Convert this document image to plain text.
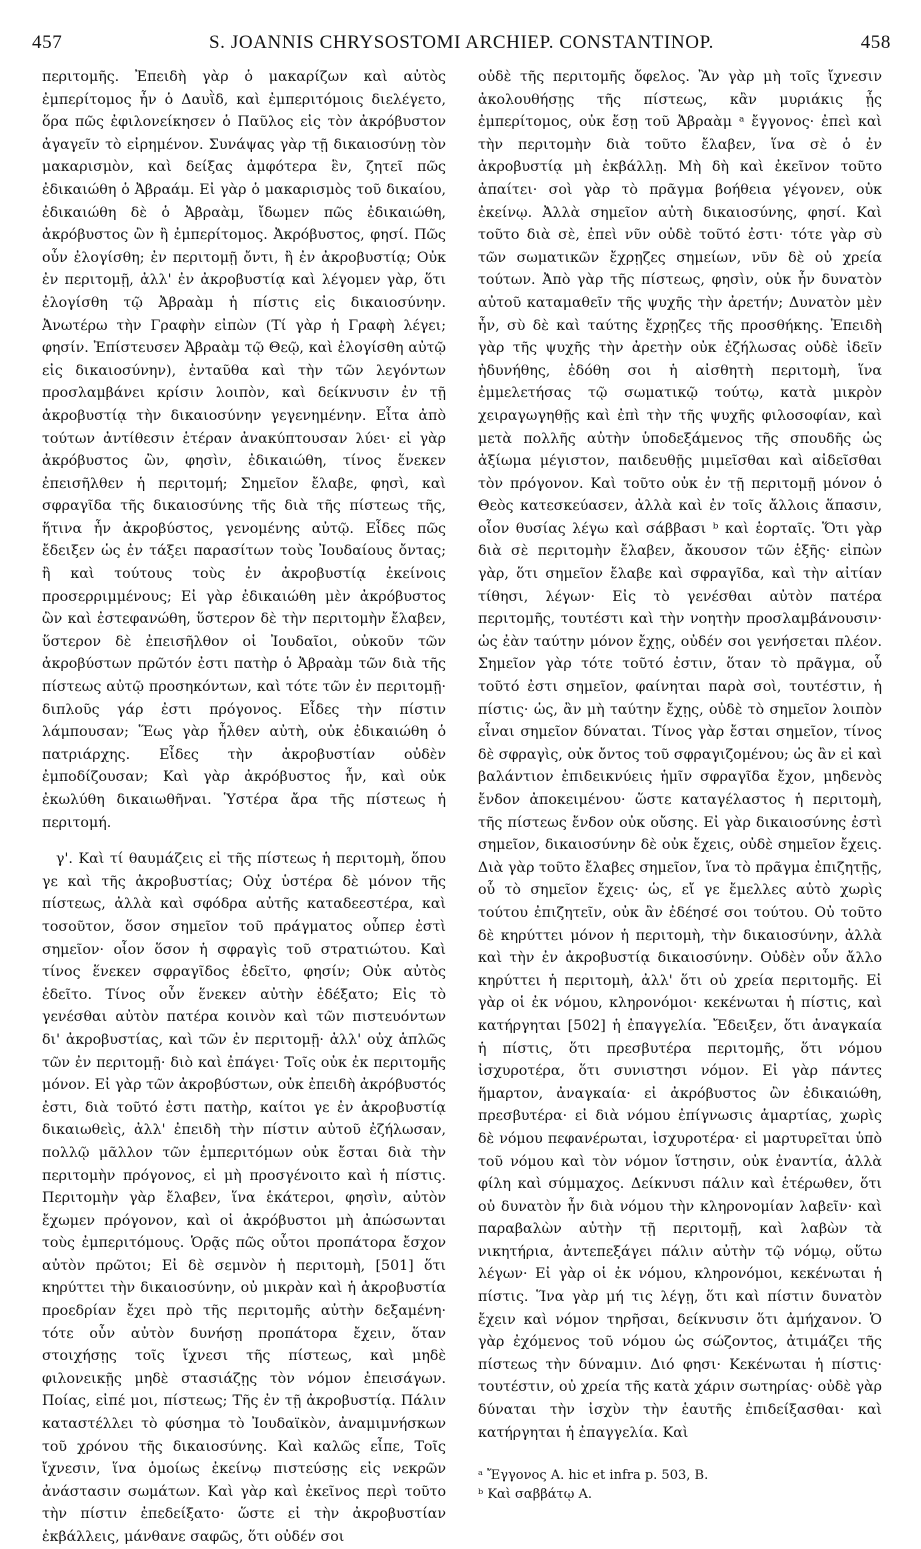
457	S. JOANNIS CHRYSOSTOMI ARCHIEP. CONSTANTINOP.	458

περιτομῆς. Ἐπειδὴ γὰρ ὁ μακαρίζων καὶ αὐτὸς ἐμπερίτομος ἦν ὁ Δαυῒδ, καὶ ἐμπεριτόμοις διελέγετο, ὅρα πῶς ἐφιλονείκησεν ὁ Παῦλος εἰς τὸν ἀκρόβυστον ἀγαγεῖν τὸ εἰρημένον. Συνάψας γὰρ τῇ δικαιοσύνῃ τὸν μακαρισμὸν, καὶ δείξας ἀμφότερα ἓν, ζητεῖ πῶς ἐδικαιώθη ὁ Ἀβραάμ. Εἰ γὰρ ὁ μακαρισμὸς τοῦ δικαίου, ἐδικαιώθη δὲ ὁ Ἀβραὰμ, ἴδωμεν πῶς ἐδικαιώθη, ἀκρόβυστος ὢν ἢ ἐμπερίτομος. Ἀκρόβυστος, φησί. Πῶς οὖν ἐλογίσθη; ἐν περιτομῇ ὄντι, ἢ ἐν ἀκροβυστίᾳ; Οὐκ ἐν περιτομῇ, ἀλλ' ἐν ἀκροβυστίᾳ καὶ λέγομεν γὰρ, ὅτι ἐλογίσθη τῷ Ἀβραὰμ ἡ πίστις εἰς δικαιοσύνην. Ἀνωτέρω τὴν Γραφὴν εἰπὼν (Τί γὰρ ἡ Γραφὴ λέγει; φησίν. Ἐπίστευσεν Ἀβραὰμ τῷ Θεῷ, καὶ ἐλογίσθη αὐτῷ εἰς δικαιοσύνην), ἐνταῦθα καὶ τὴν τῶν λεγόντων προσλαμβάνει κρίσιν λοιπὸν, καὶ δείκνυσιν ἐν τῇ ἀκροβυστίᾳ τὴν δικαιοσύνην γεγενημένην. Εἶτα ἀπὸ τούτων ἀντίθεσιν ἑτέραν ἀνακύπτουσαν λύει· εἰ γὰρ ἀκρόβυστος ὢν, φησὶν, ἐδικαιώθη, τίνος ἕνεκεν ἐπεισῆλθεν ἡ περιτομή; Σημεῖον ἔλαβε, φησὶ, καὶ σφραγῖδα τῆς δικαιοσύνης τῆς διὰ τῆς πίστεως τῆς, ἥτινα ἦν ἀκροβύστος, γενομένης αὐτῷ. Εἶδες πῶς ἔδειξεν ὡς ἐν τάξει παρασίτων τοὺς Ἰουδαίους ὄντας; ἢ καὶ τούτους τοὺς ἐν ἀκροβυστίᾳ ἐκείνοις προσερριμμένους; Εἰ γὰρ ἐδικαιώθη μὲν ἀκρόβυστος ὢν καὶ ἐστεφανώθη, ὕστερον δὲ τὴν περιτομὴν ἔλαβεν, ὕστερον δὲ ἐπεισῆλθον οἱ Ἰουδαῖοι, οὐκοῦν τῶν ἀκροβύστων πρῶτόν ἐστι πατὴρ ὁ Ἀβραὰμ τῶν διὰ τῆς πίστεως αὐτῷ προσηκόντων, καὶ τότε τῶν ἐν περιτομῇ· διπλοῦς γάρ ἐστι πρόγονος. Εἶδες τὴν πίστιν λάμπουσαν; Ἕως γὰρ ἦλθεν αὐτὴ, οὐκ ἐδικαιώθη ὁ πατριάρχης. Εἶδες τὴν ἀκροβυστίαν οὐδὲν ἐμποδίζουσαν; Καὶ γὰρ ἀκρόβυστος ἦν, καὶ οὐκ ἐκωλύθη δικαιωθῆναι. Ὑστέρα ἄρα τῆς πίστεως ἡ περιτομή.

γ'. Καὶ τί θαυμάζεις εἰ τῆς πίστεως ἡ περιτομὴ, ὅπου γε καὶ τῆς ἀκροβυστίας; Οὐχ ὑστέρα δὲ μόνον τῆς πίστεως, ἀλλὰ καὶ σφόδρα αὐτῆς καταδεεστέρα, καὶ τοσοῦτον, ὅσον σημεῖον τοῦ πράγματος οὗπερ ἐστὶ σημεῖον· οἷον ὅσον ἡ σφραγὶς τοῦ στρατιώτου. Καὶ τίνος ἕνεκεν σφραγῖδος ἐδεῖτο, φησίν; Οὐκ αὐτὸς ἐδεῖτο. Τίνος οὖν ἕνεκεν αὐτὴν ἐδέξατο; Εἰς τὸ γενέσθαι αὐτὸν πατέρα κοινὸν καὶ τῶν πιστευόντων δι' ἀκροβυστίας, καὶ τῶν ἐν περιτομῇ· ἀλλ' οὐχ ἁπλῶς τῶν ἐν περιτομῇ· διὸ καὶ ἐπάγει· Τοῖς οὐκ ἐκ περιτομῆς μόνον. Εἰ γὰρ τῶν ἀκροβύστων, οὐκ ἐπειδὴ ἀκρόβυστός ἐστι, διὰ τοῦτό ἐστι πατὴρ, καίτοι γε ἐν ἀκροβυστίᾳ δικαιωθεὶς, ἀλλ' ἐπειδὴ τὴν πίστιν αὐτοῦ ἐζήλωσαν, πολλῷ μᾶλλον τῶν ἐμπεριτόμων οὐκ ἔσται διὰ τὴν περιτομὴν πρόγονος, εἰ μὴ προσγένοιτο καὶ ἡ πίστις. Περιτομὴν γὰρ ἔλαβεν, ἵνα ἑκάτεροι, φησὶν, αὐτὸν ἔχωμεν πρόγονον, καὶ οἱ ἀκρόβυστοι μὴ ἀπώσωνται τοὺς ἐμπεριτόμους. Ὁρᾷς πῶς οὗτοι προπάτορα ἔσχον αὐτὸν πρῶτοι; Εἰ δὲ σεμνὸν ἡ περιτομὴ, [501] ὅτι κηρύττει τὴν δικαιοσύνην, οὐ μικρὰν καὶ ἡ ἀκροβυστία προεδρίαν ἔχει πρὸ τῆς περιτομῆς αὐτὴν δεξαμένη· τότε οὖν αὐτὸν δυνήσῃ προπάτορα ἔχειν, ὅταν στοιχήσῃς τοῖς ἴχνεσι τῆς πίστεως, καὶ μηδὲ φιλονεικῇς μηδὲ στασιάζῃς τὸν νόμον ἐπεισάγων. Ποίας, εἰπέ μοι, πίστεως; Τῆς ἐν τῇ ἀκροβυστίᾳ. Πάλιν καταστέλλει τὸ φύσημα τὸ Ἰουδαϊκὸν, ἀναμιμνήσκων τοῦ χρόνου τῆς δικαιοσύνης. Καὶ καλῶς εἶπε, Τοῖς ἴχνεσιν, ἵνα ὁμοίως ἐκείνῳ πιστεύσῃς εἰς νεκρῶν ἀνάστασιν σωμάτων. Καὶ γὰρ καὶ ἐκεῖνος περὶ τοῦτο τὴν πίστιν ἐπεδείξατο· ὥστε εἰ τὴν ἀκροβυστίαν ἐκβάλλεις, μάνθανε σαφῶς, ὅτι οὐδέν σοι

οὐδὲ τῆς περιτομῆς ὄφελος. Ἂν γὰρ μὴ τοῖς ἴχνεσιν ἀκολουθήσῃς τῆς πίστεως, κἂν μυριάκις ᾖς ἐμπερίτομος, οὐκ ἔσῃ τοῦ Ἀβραὰμ ᵃ ἔγγονος· ἐπεὶ καὶ τὴν περιτομὴν διὰ τοῦτο ἔλαβεν, ἵνα σὲ ὁ ἐν ἀκροβυστίᾳ μὴ ἐκβάλλῃ. Μὴ δὴ καὶ ἐκεῖνον τοῦτο ἀπαίτει· σοὶ γὰρ τὸ πρᾶγμα βοήθεια γέγονεν, οὐκ ἐκείνῳ. Ἀλλὰ σημεῖον αὐτὴ δικαιοσύνης, φησί. Καὶ τοῦτο διὰ σὲ, ἐπεὶ νῦν οὐδὲ τοῦτό ἐστι· τότε γὰρ σὺ τῶν σωματικῶν ἔχρῃζες σημείων, νῦν δὲ οὐ χρεία τούτων. Ἀπὸ γὰρ τῆς πίστεως, φησὶν, οὐκ ἦν δυνατὸν αὐτοῦ καταμαθεῖν τῆς ψυχῆς τὴν ἀρετήν; Δυνατὸν μὲν ἦν, σὺ δὲ καὶ ταύτης ἔχρῃζες τῆς προσθήκης. Ἐπειδὴ γὰρ τῆς ψυχῆς τὴν ἀρετὴν οὐκ ἐζήλωσας οὐδὲ ἰδεῖν ἠδυνήθης, ἐδόθη σοι ἡ αἰσθητὴ περιτομὴ, ἵνα ἐμμελετήσας τῷ σωματικῷ τούτῳ, κατὰ μικρὸν χειραγωγηθῇς καὶ ἐπὶ τὴν τῆς ψυχῆς φιλοσοφίαν, καὶ μετὰ πολλῆς αὐτὴν ὑποδεξάμενος τῆς σπουδῆς ὡς ἀξίωμα μέγιστον, παιδευθῇς μιμεῖσθαι καὶ αἰδεῖσθαι τὸν πρόγονον. Καὶ τοῦτο οὐκ ἐν τῇ περιτομῇ μόνον ὁ Θεὸς κατεσκεύασεν, ἀλλὰ καὶ ἐν τοῖς ἄλλοις ἅπασιν, οἷον θυσίας λέγω καὶ σάββασι ᵇ καὶ ἑορταῖς. Ὅτι γὰρ διὰ σὲ περιτομὴν ἔλαβεν, ἄκουσον τῶν ἑξῆς· εἰπὼν γὰρ, ὅτι σημεῖον ἔλαβε καὶ σφραγῖδα, καὶ τὴν αἰτίαν τίθησι, λέγων· Εἰς τὸ γενέσθαι αὐτὸν πατέρα περιτομῆς, τουτέστι καὶ τὴν νοητὴν προσλαμβάνουσιν· ὡς ἐὰν ταύτην μόνον ἔχῃς, οὐδέν σοι γενήσεται πλέον. Σημεῖον γὰρ τότε τοῦτό ἐστιν, ὅταν τὸ πρᾶγμα, οὗ τοῦτό ἐστι σημεῖον, φαίνηται παρὰ σοὶ, τουτέστιν, ἡ πίστις· ὡς, ἂν μὴ ταύτην ἔχῃς, οὐδὲ τὸ σημεῖον λοιπὸν εἶναι σημεῖον δύναται. Τίνος γὰρ ἔσται σημεῖον, τίνος δὲ σφραγὶς, οὐκ ὄντος τοῦ σφραγιζομένου; ὡς ἂν εἰ καὶ βαλάντιον ἐπιδεικνύεις ἡμῖν σφραγῖδα ἔχον, μηδενὸς ἔνδον ἀποκειμένου· ὥστε καταγέλαστος ἡ περιτομὴ, τῆς πίστεως ἔνδον οὐκ οὔσης. Εἰ γὰρ δικαιοσύνης ἐστὶ σημεῖον, δικαιοσύνην δὲ οὐκ ἔχεις, οὐδὲ σημεῖον ἔχεις. Διὰ γὰρ τοῦτο ἔλαβες σημεῖον, ἵνα τὸ πρᾶγμα ἐπιζητῇς, οὗ τὸ σημεῖον ἔχεις· ὡς, εἴ γε ἔμελλες αὐτὸ χωρὶς τούτου ἐπιζητεῖν, οὐκ ἂν ἐδέησέ σοι τούτου. Οὐ τοῦτο δὲ κηρύττει μόνον ἡ περιτομὴ, τὴν δικαιοσύνην, ἀλλὰ καὶ τὴν ἐν ἀκροβυστίᾳ δικαιοσύνην. Οὐδὲν οὖν ἄλλο κηρύττει ἡ περιτομὴ, ἀλλ' ὅτι οὐ χρεία περιτομῆς. Εἰ γὰρ οἱ ἐκ νόμου, κληρονόμοι· κεκένωται ἡ πίστις, καὶ κατήργηται [502] ἡ ἐπαγγελία. Ἔδειξεν, ὅτι ἀναγκαία ἡ πίστις, ὅτι πρεσβυτέρα περιτομῆς, ὅτι νόμου ἰσχυροτέρα, ὅτι συνιστησι νόμον. Εἰ γὰρ πάντες ἥμαρτον, ἀναγκαία· εἰ ἀκρόβυστος ὢν ἐδικαιώθη, πρεσβυτέρα· εἰ διὰ νόμου ἐπίγνωσις ἁμαρτίας, χωρὶς δὲ νόμου πεφανέρωται, ἰσχυροτέρα· εἰ μαρτυρεῖται ὑπὸ τοῦ νόμου καὶ τὸν νόμον ἵστησιν, οὐκ ἐναντία, ἀλλὰ φίλη καὶ σύμμαχος. Δείκνυσι πάλιν καὶ ἑτέρωθεν, ὅτι οὐ δυνατὸν ἦν διὰ νόμου τὴν κληρονομίαν λαβεῖν· καὶ παραβαλὼν αὐτὴν τῇ περιτομῇ, καὶ λαβὼν τὰ νικητήρια, ἀντεπεξάγει πάλιν αὐτὴν τῷ νόμῳ, οὕτω λέγων· Εἰ γὰρ οἱ ἐκ νόμου, κληρονόμοι, κεκένωται ἡ πίστις. Ἵνα γὰρ μή τις λέγῃ, ὅτι καὶ πίστιν δυνατὸν ἔχειν καὶ νόμον τηρῆσαι, δείκνυσιν ὅτι ἀμήχανον. Ὁ γὰρ ἐχόμενος τοῦ νόμου ὡς σώζοντος, ἀτιμάζει τῆς πίστεως τὴν δύναμιν. Διό φησι· Κεκένωται ἡ πίστις· τουτέστιν, οὐ χρεία τῆς κατὰ χάριν σωτηρίας· οὐδὲ γὰρ δύναται τὴν ἰσχὺν τὴν ἑαυτῆς ἐπιδείξασθαι· καὶ κατήργηται ἡ ἐπαγγελία. Καὶ

ᵃ Ἔγγονος A. hic et infra p. 503, B.
ᵇ Καὶ σαββάτῳ A.
